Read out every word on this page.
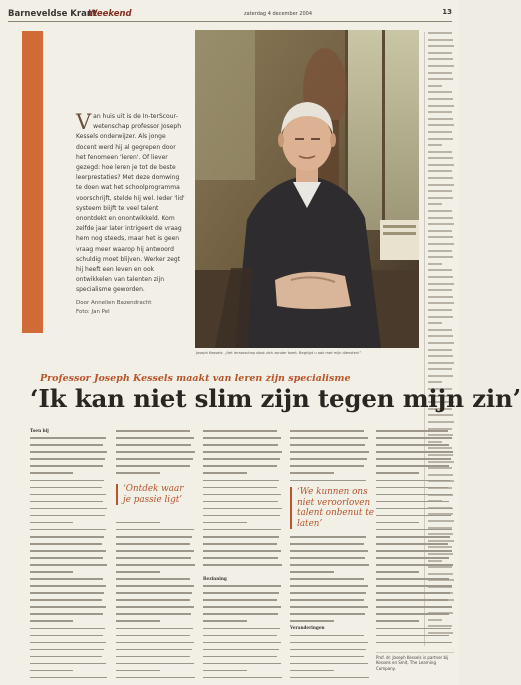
Barneveldse Krant
Weekend	zaterdag 4 december 2004	13
Van huis uit is de In-terScour-wetenschap professor Joseph Kessels onderwijzer. Als jonge docent werd hij al gegrepen door het fenomeen 'leren'. Of liever gezegd: hoe leren je tot de beste leerprestaties? Met deze domwing te doen wat het schoolprogramma voorschrijft, stelde hij wel. Ieder 'lid' systeem biijft te veel talent onontdekt en onontwikkeld. Kom zelfde jaar later intrigeert de vraag hem nog steeds, maar het is geen vraag meer waarop hij antwoord schuldig moet blijven. Werker zegt hij heeft een leven en ook ontwikkelen van talenten zijn specialisme geworden.
Door Annelien Bazendracht
Foto: Jan Pel
Joseph Kessels: „Het leraarschap sloot zich zonder komt. Begrijpt u ook met mijn diensten!”
Professor Joseph Kessels maakt van leren zijn specialisme
‘Ik kan niet slim zijn tegen mijn zin’
Toen hij
Bezinning
Veranderingen
‘Ontdek waar je passie ligt’
‘We kunnen ons niet veroorloven talent onbenut te laten’
Prof. dr. Joseph Kessels is partner bij Kessels en Smit, The Learning Company.
